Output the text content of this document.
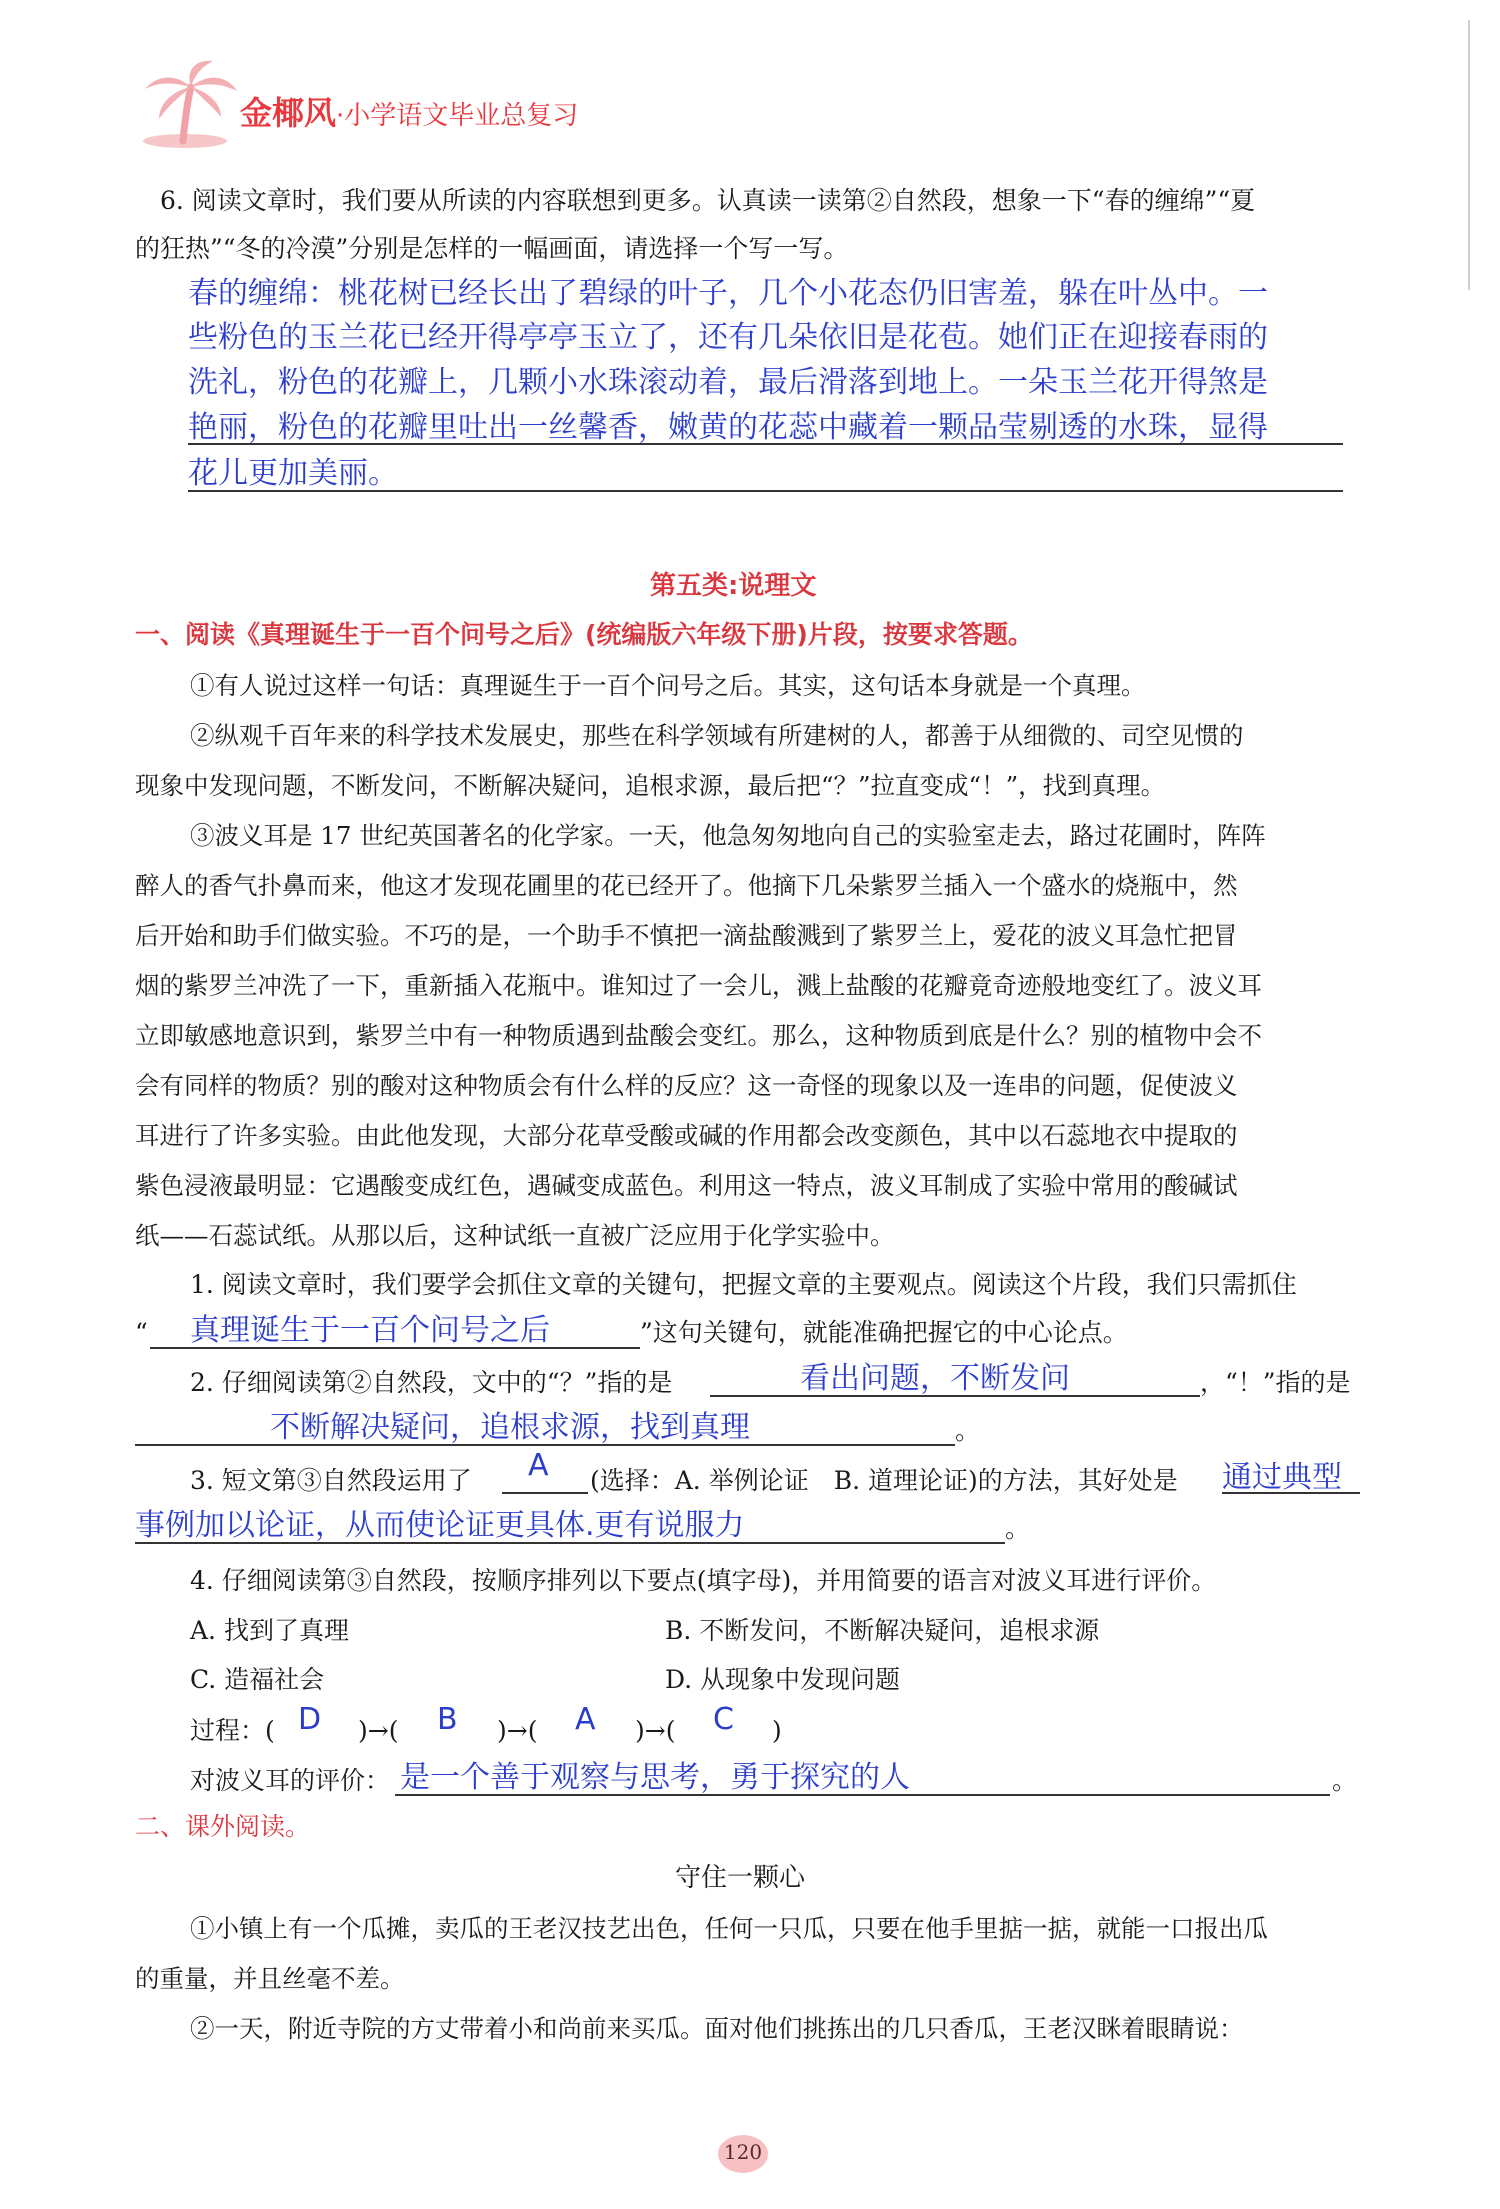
金椰风·小学语文毕业总复习
6. 阅读文章时，我们要从所读的内容联想到更多。认真读一读第②自然段，想象一下“春的缠绵”“夏
的狂热”“冬的冷漠”分别是怎样的一幅画面，请选择一个写一写。
春的缠绵：桃花树已经长出了碧绿的叶子，几个小花态仍旧害羞，躲在叶丛中。一
些粉色的玉兰花已经开得亭亭玉立了，还有几朵依旧是花苞。她们正在迎接春雨的
洗礼，粉色的花瓣上，几颗小水珠滚动着，最后滑落到地上。一朵玉兰花开得煞是
艳丽，粉色的花瓣里吐出一丝馨香，嫩黄的花蕊中藏着一颗品莹剔透的水珠，显得
花儿更加美丽。
第五类:说理文
一、阅读《真理诞生于一百个问号之后》(统编版六年级下册)片段，按要求答题。
①有人说过这样一句话：真理诞生于一百个问号之后。其实，这句话本身就是一个真理。
②纵观千百年来的科学技术发展史，那些在科学领域有所建树的人，都善于从细微的、司空见惯的
现象中发现问题，不断发问，不断解决疑问，追根求源，最后把“？”拉直变成“！”，找到真理。
③波义耳是 17 世纪英国著名的化学家。一天，他急匆匆地向自己的实验室走去，路过花圃时，阵阵
醉人的香气扑鼻而来，他这才发现花圃里的花已经开了。他摘下几朵紫罗兰插入一个盛水的烧瓶中，然
后开始和助手们做实验。不巧的是，一个助手不慎把一滴盐酸溅到了紫罗兰上，爱花的波义耳急忙把冒
烟的紫罗兰冲洗了一下，重新插入花瓶中。谁知过了一会儿，溅上盐酸的花瓣竟奇迹般地变红了。波义耳
立即敏感地意识到，紫罗兰中有一种物质遇到盐酸会变红。那么，这种物质到底是什么？别的植物中会不
会有同样的物质？别的酸对这种物质会有什么样的反应？这一奇怪的现象以及一连串的问题，促使波义
耳进行了许多实验。由此他发现，大部分花草受酸或碱的作用都会改变颜色，其中以石蕊地衣中提取的
紫色浸液最明显：它遇酸变成红色，遇碱变成蓝色。利用这一特点，波义耳制成了实验中常用的酸碱试
纸——石蕊试纸。从那以后，这种试纸一直被广泛应用于化学实验中。
1. 阅读文章时，我们要学会抓住文章的关键句，把握文章的主要观点。阅读这个片段，我们只需抓住
“ 真理诞生于一百个问号之后	”这句关键句，就能准确把握它的中心论点。
2. 仔细阅读第②自然段，文中的“？”指的是	看出问题，不断发问	，“！”指的是
不断解决疑问，追根求源，找到真理	。
3. 短文第③自然段运用了 A (选择：A. 举例论证　B. 道理论证)的方法，其好处是 通过典型
事例加以论证，从而使论证更具体.更有说服力	。
4. 仔细阅读第③自然段，按顺序排列以下要点(填字母)，并用简要的语言对波义耳进行评价。
A. 找到了真理	B. 不断发问，不断解决疑问，追根求源
C. 造福社会	D. 从现象中发现问题
过程：( D )→( B )→( A )→( C )
对波义耳的评价： 是一个善于观察与思考，勇于探究的人	。
二、课外阅读。
守住一颗心
①小镇上有一个瓜摊，卖瓜的王老汉技艺出色，任何一只瓜，只要在他手里掂一掂，就能一口报出瓜
的重量，并且丝毫不差。
②一天，附近寺院的方丈带着小和尚前来买瓜。面对他们挑拣出的几只香瓜，王老汉眯着眼睛说：
120
